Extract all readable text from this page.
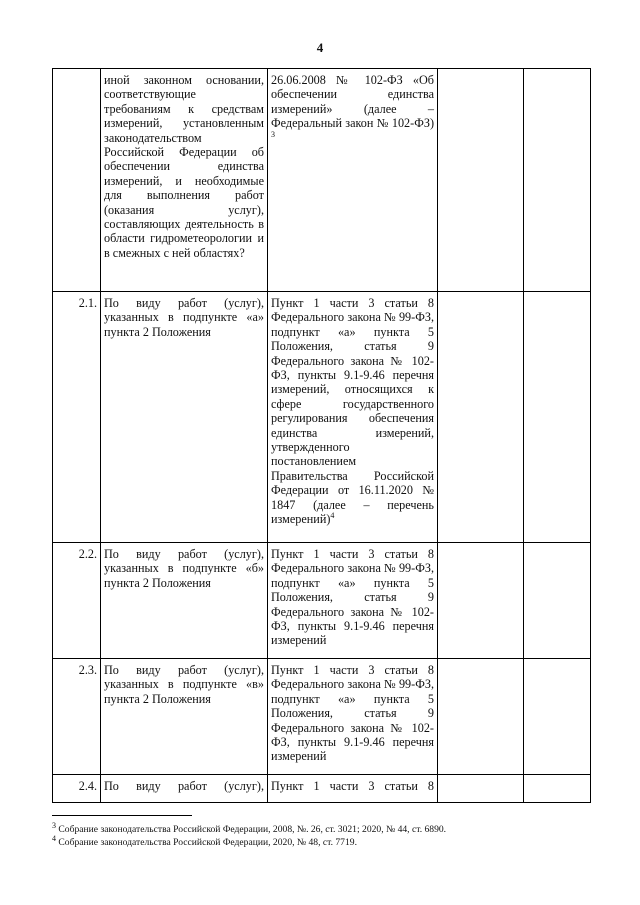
4
	иной законном основании, соответствующие требованиям к средствам измерений, установленным законодательством Российской Федерации об обеспечении единства измерений, и необходимые для выполнения работ (оказания услуг), составляющих деятельность в области гидрометеорологии и в смежных с ней областях?	26.06.2008 № 102-ФЗ «Об обеспечении единства измерений» (далее – Федеральный закон № 102-ФЗ) $^3$		
2.1.	По виду работ (услуг), указанных в подпункте «а» пункта 2 Положения	Пункт 1 части 3 статьи 8 Федерального закона № 99-ФЗ, подпункт «а» пункта 5 Положения, статья 9 Федерального закона № 102-ФЗ, пункты 9.1-9.46 перечня измерений, относящихся к сфере государственного регулирования обеспечения единства измерений, утвержденного постановлением Правительства Российской Федерации от 16.11.2020 № 1847 (далее – перечень измерений)$^4$		
2.2.	По виду работ (услуг), указанных в подпункте «б» пункта 2 Положения	Пункт 1 части 3 статьи 8 Федерального закона № 99-ФЗ, подпункт «а» пункта 5 Положения, статья 9 Федерального закона № 102-ФЗ, пункты 9.1-9.46 перечня измерений		
2.3.	По виду работ (услуг), указанных в подпункте «в» пункта 2 Положения	Пункт 1 части 3 статьи 8 Федерального закона № 99-ФЗ, подпункт «а» пункта 5 Положения, статья 9 Федерального закона № 102-ФЗ, пункты 9.1-9.46 перечня измерений		
2.4.	По виду работ (услуг),	Пункт 1 части 3 статьи 8		
$^3$ Собрание законодательства Российской Федерации, 2008, №. 26, ст. 3021; 2020, № 44, ст. 6890.
$^4$ Собрание законодательства Российской Федерации, 2020, № 48, ст. 7719.
